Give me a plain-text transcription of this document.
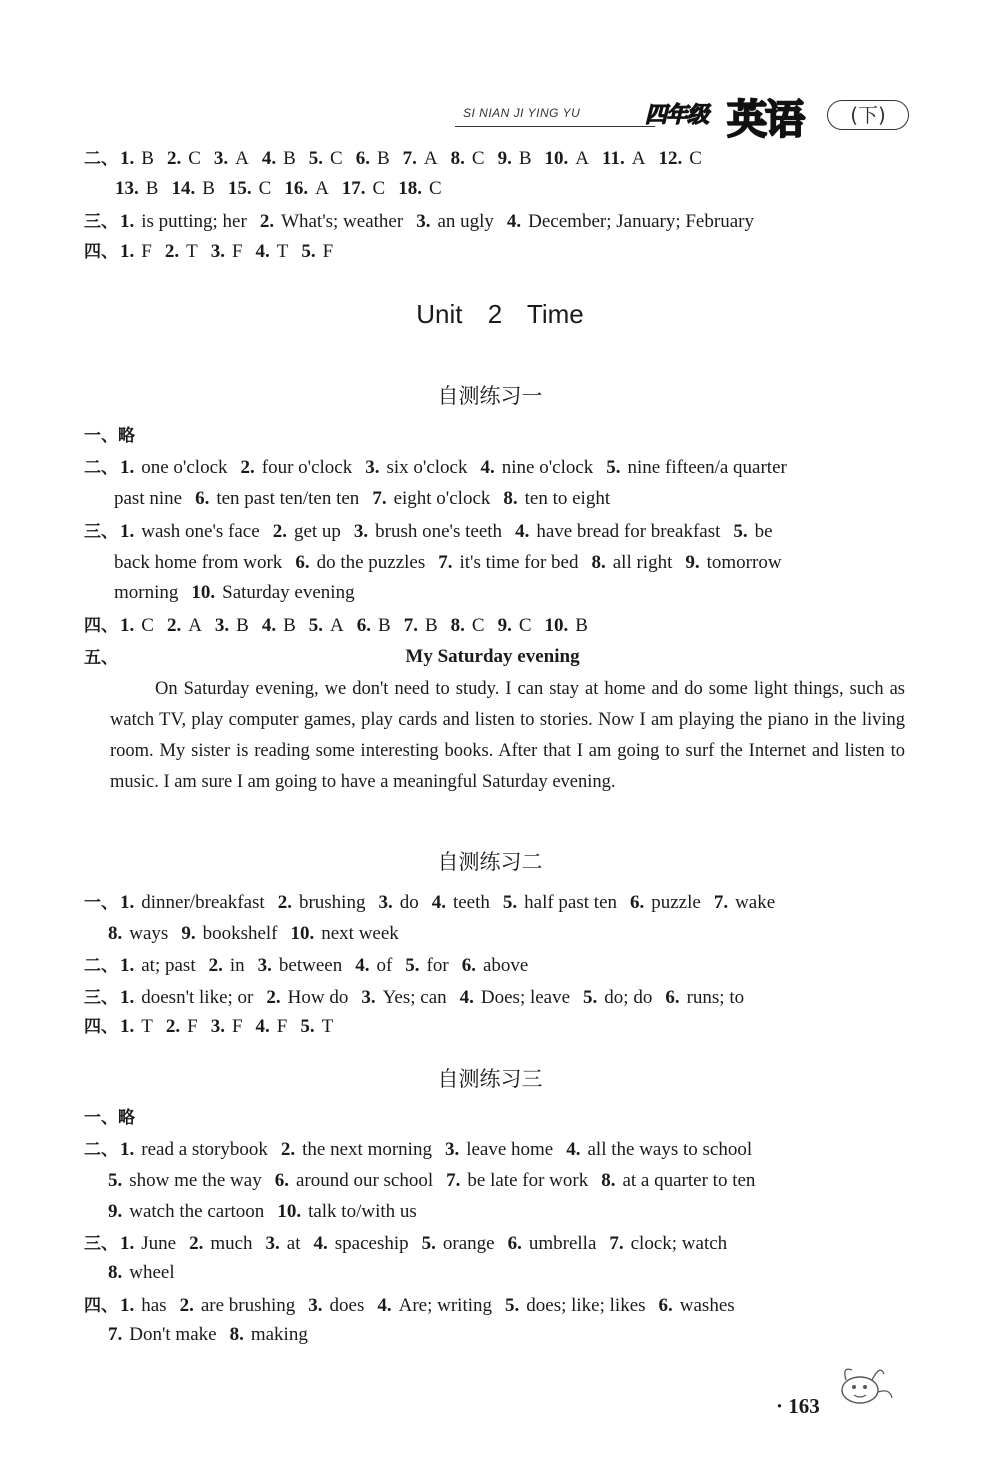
SI NIAN JI YING YU	四年级 英语	(下)
二、 1. B 2. C 3. A 4. B 5. C 6. B 7. A 8. C 9. B 10. A 11. A 12. C
13. B 14. B 15. C 16. A 17. C 18. C
三、 1. is putting; her 2. What's; weather 3. an ugly 4. December; January; February
四、 1. F 2. T 3. F 4. T 5. F
Unit 2 Time
自测练习一
一、略
二、 1. one o'clock 2. four o'clock 3. six o'clock 4. nine o'clock 5. nine fifteen/a quarter
past nine 6. ten past ten/ten ten 7. eight o'clock 8. ten to eight
三、 1. wash one's face 2. get up 3. brush one's teeth 4. have bread for breakfast 5. be
back home from work 6. do the puzzles 7. it's time for bed 8. all right 9. tomorrow
morning 10. Saturday evening
四、 1. C 2. A 3. B 4. B 5. A 6. B 7. B 8. C 9. C 10. B
五、	My Saturday evening
On Saturday evening, we don't need to study. I can stay at home and do some light things, such as watch TV, play computer games, play cards and listen to stories. Now I am playing the piano in the living room. My sister is reading some interesting books. After that I am going to surf the Internet and listen to music. I am sure I am going to have a meaningful Saturday evening.
自测练习二
一、 1. dinner/breakfast 2. brushing 3. do 4. teeth 5. half past ten 6. puzzle 7. wake
8. ways 9. bookshelf 10. next week
二、 1. at; past 2. in 3. between 4. of 5. for 6. above
三、 1. doesn't like; or 2. How do 3. Yes; can 4. Does; leave 5. do; do 6. runs; to
四、 1. T 2. F 3. F 4. F 5. T
自测练习三
一、略
二、 1. read a storybook 2. the next morning 3. leave home 4. all the ways to school
5. show me the way 6. around our school 7. be late for work 8. at a quarter to ten
9. watch the cartoon 10. talk to/with us
三、 1. June 2. much 3. at 4. spaceship 5. orange 6. umbrella 7. clock; watch
8. wheel
四、 1. has 2. are brushing 3. does 4. Are; writing 5. does; like; likes 6. washes
7. Don't make 8. making
· 163
